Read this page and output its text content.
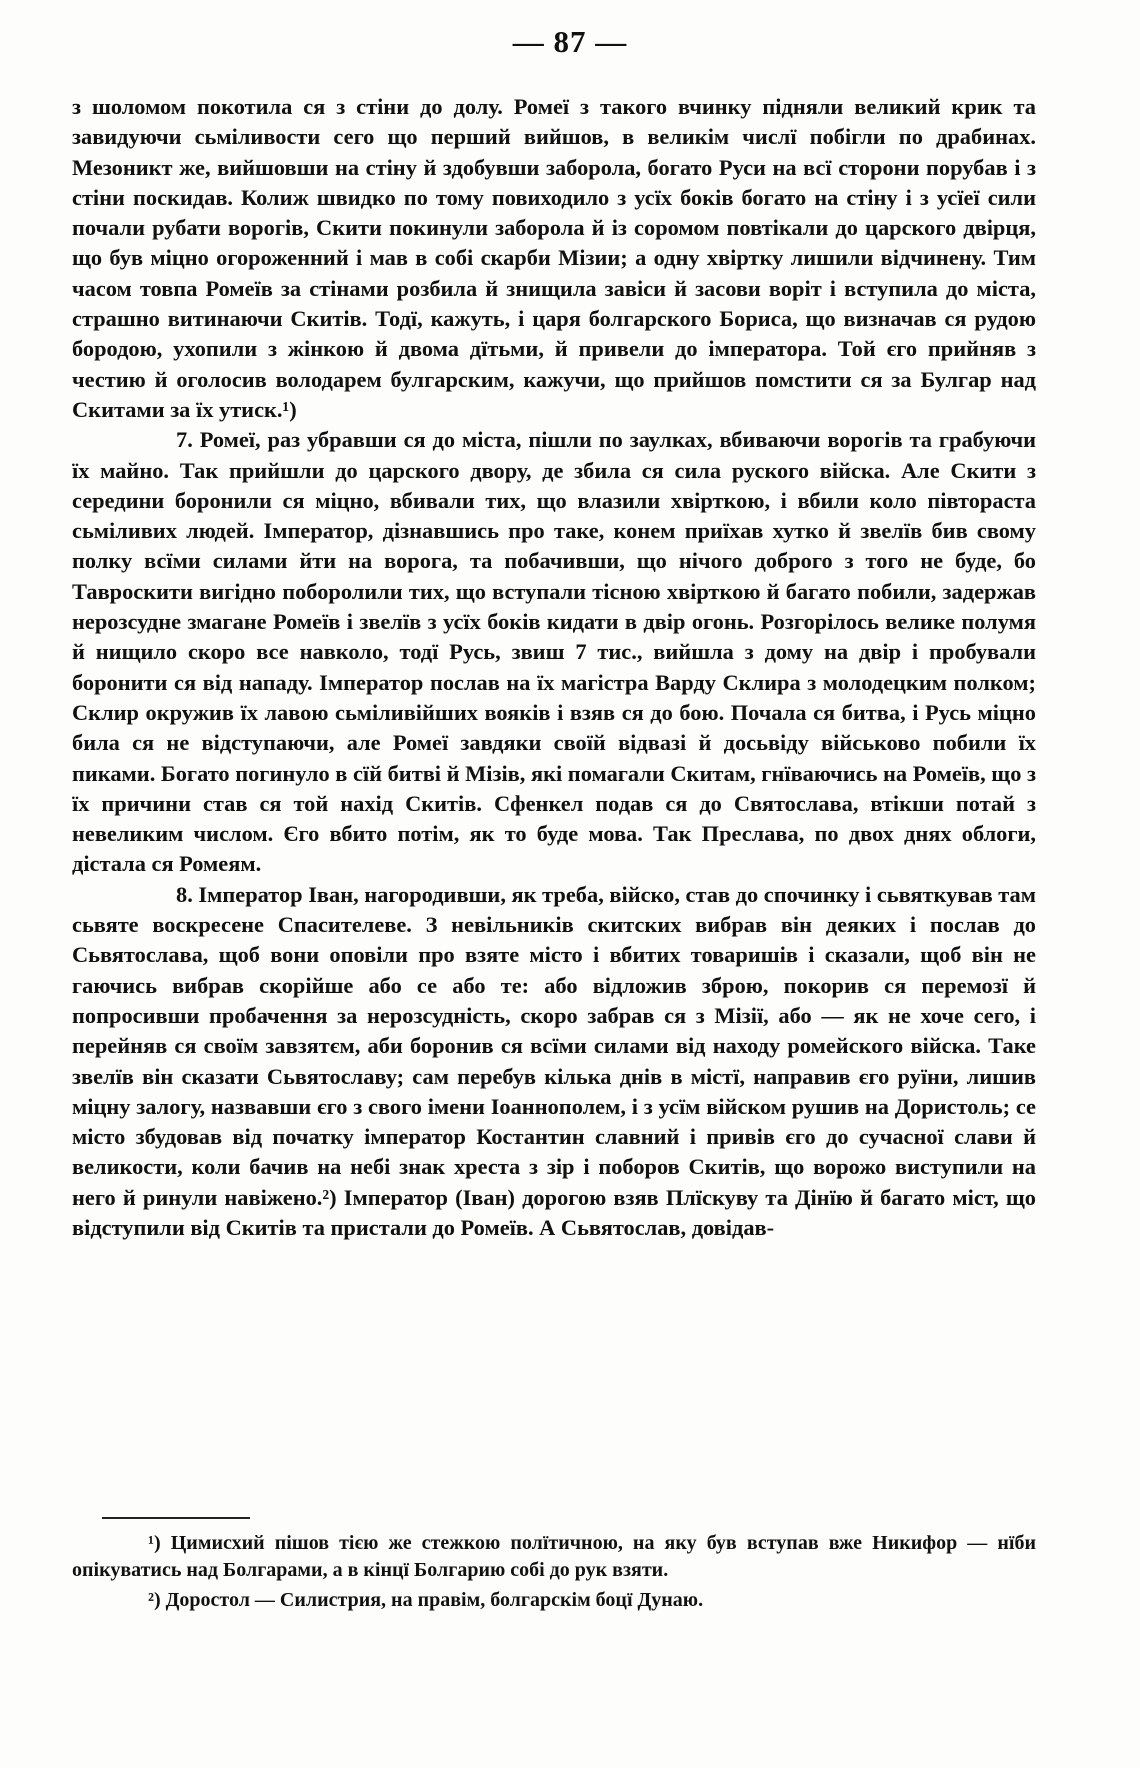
— 87 —

з шоломом покотила ся з стіни до долу. Ромеї з такого вчинку підняли великий крик та завидуючи сьміливости сего що перший вийшов, в великім числї побігли по драбинах. Мезоникт же, вийшовши на стіну й здобувши заборола, богато Руси на всї сторони порубав і з стіни поскидав. Колиж швидко по тому повиходило з усїх боків богато на стіну і з усїеї сили почали рубати ворогів, Скити покинули заборола й із соромом повтікали до царского двірця, що був міцно огороженний і мав в собі скарби Мізии; а одну хвіртку лишили відчинену. Тим часом товпа Ромеїв за стінами розбила й знищила завіси й засови воріт і вступила до міста, страшно витинаючи Скитів. Тодї, кажуть, і царя болгарского Бориса, що визначав ся рудою бородою, ухопили з жінкою й двома дїтьми, й привели до імператора. Той єго прийняв з честию й оголосив володарем булгарским, кажучи, що прийшов помстити ся за Булгар над Скитами за їх утиск.¹)

7. Ромеї, раз убравши ся до міста, пішли по заулках, вбиваючи ворогів та грабуючи їх майно. Так прийшли до царского двору, де збила ся сила руского війска. Але Скити з середини боронили ся міцно, вбивали тих, що влазили хвірткою, і вбили коло півтораста сьміливих людей. Імператор, дізнавшись про таке, конем приїхав хутко й звелїв бив свому полку всїми силами йти на ворога, та побачивши, що нічого доброго з того не буде, бо Тавроскити вигідно поборолили тих, що вступали тісною хвірткою й багато побили, задержав нерозсудне змагане Ромеїв і звелїв з усїх боків кидати в двір огонь. Розгорілось велике полумя й нищило скоро все навколо, тодї Русь, звиш 7 тис., вийшла з дому на двір і пробували боронити ся від нападу. Імператор послав на їх магістра Варду Склира з молодецким полком; Склир окружив їх лавою сьміливійших вояків і взяв ся до бою. Почала ся битва, і Русь міцно била ся не відступаючи, але Ромеї завдяки своїй відвазі й досьвіду військово побили їх пиками. Богато погинуло в сїй битві й Мізів, які помагали Скитам, гнїваючись на Ромеїв, що з їх причини став ся той нахід Скитів. Сфенкел подав ся до Святослава, втікши потай з невеликим числом. Єго вбито потім, як то буде мова. Так Преслава, по двох днях облоги, дістала ся Ромеям.

8. Імператор Іван, нагородивши, як треба, війско, став до спочинку і сьвяткував там сьвяте воскресене Спасителеве. З невільників скитских вибрав він деяких і послав до Сьвятослава, щоб вони оповіли про взяте місто і вбитих товаришів і сказали, щоб він не гаючись вибрав скорійше або се або те: або відложив зброю, покорив ся перемозї й попросивши пробачення за нерозсудність, скоро забрав ся з Мізії, або — як не хоче сего, і перейняв ся своїм завзятєм, аби боронив ся всїми силами від находу ромейского війска. Таке звелїв він сказати Сьвятославу; сам перебув кілька днів в містї, направив єго руїни, лишив міцну залогу, назвавши єго з свого імени Іоаннополем, і з усїм війском рушив на Дористоль; се місто збудовав від початку імператор Костантин славний і привів єго до сучасної слави й великости, коли бачив на небі знак хреста з зір і поборов Скитів, що ворожо виступили на него й ринули навіжено.²) Імператор (Іван) дорогою взяв Плїскуву та Дінїю й багато міст, що відступили від Скитів та пристали до Ромеїв. А Сьвятослав, довідав-

¹) Цимисхий пішов тією же стежкою полїтичною, на яку був вступав вже Никифор — нїби опікуватись над Болгарами, а в кінцї Болгарию собі до рук взяти.

²) Доростол — Силистрия, на правім, болгарскім боцї Дунаю.
